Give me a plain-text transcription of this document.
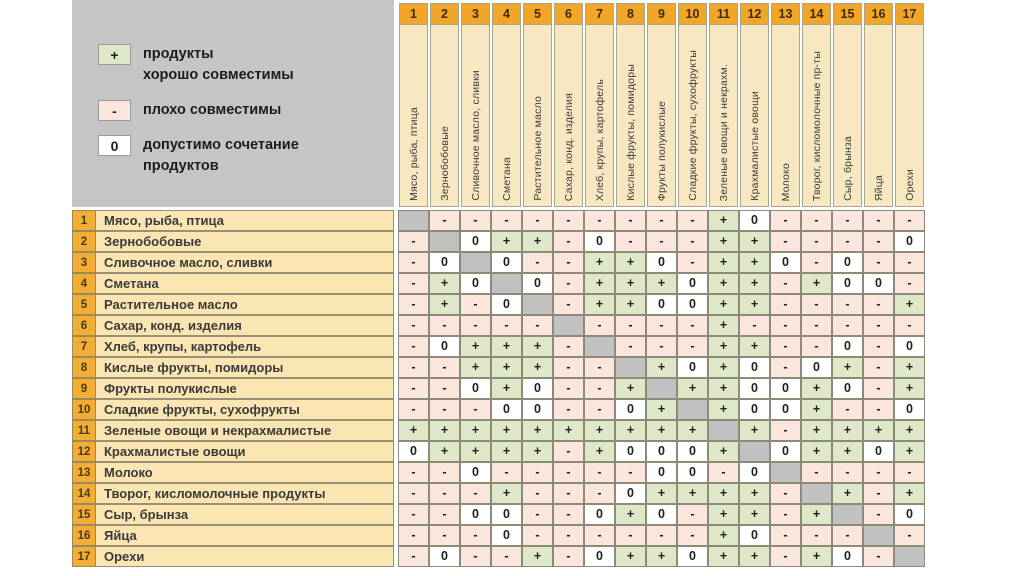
+	продукты
хорошо совместимы
-	плохо совместимы
0	допустимо сочетание
продуктов

1
Мясо, рыба, птица

2
Зернобобовые

3
Сливочное масло, сливки

4
Сметана

5
Растительное масло

6
Сахар, конд. изделия

7
Хлеб, крупы, картофель

8
Кислые фрукты, помидоры

9
Фрукты полукислые

10
Сладкие фрукты, сухофрукты

11
Зеленые овощи и некрахм.

12
Крахмалистые овощи

13
Молоко

14
Творог, кисломолочные пр-ты

15
Сыр, брынза

16
Яйца

17
Орехи

1	Мясо, рыба, птица			-	-	-	-	-	-	-	-	-	+	0	-	-	-	-	-
2	Зернобобовые		-		0	+	+	-	0	-	-	-	+	+	-	-	-	-	0
3	Сливочное масло, сливки		-	0		0	-	-	+	+	0	-	+	+	0	-	0	-	-
4	Сметана		-	+	0		0	-	+	+	+	0	+	+	-	+	0	0	-
5	Растительное масло		-	+	-	0		-	+	+	0	0	+	+	-	-	-	-	+
6	Сахар, конд. изделия		-	-	-	-	-		-	-	-	-	+	-	-	-	-	-	-
7	Хлеб, крупы, картофель		-	0	+	+	+	-		-	-	-	+	+	-	-	0	-	0
8	Кислые фрукты, помидоры		-	-	+	+	+	-	-		+	0	+	0	-	0	+	-	+
9	Фрукты полукислые		-	-	0	+	0	-	-	+		+	+	0	0	+	0	-	+
10	Сладкие фрукты, сухофрукты		-	-	-	0	0	-	-	0	+		+	0	0	+	-	-	0
11	Зеленые овощи и некрахмалистые		+	+	+	+	+	+	+	+	+	+		+	-	+	+	+	+
12	Крахмалистые овощи		0	+	+	+	+	-	+	0	0	0	+		0	+	+	0	+
13	Молоко		-	-	0	-	-	-	-	-	0	0	-	0		-	-	-	-
14	Творог, кисломолочные продукты		-	-	-	+	-	-	-	0	+	+	+	+	-		+	-	+
15	Сыр, брынза		-	-	0	0	-	-	0	+	0	-	+	+	-	+		-	0
16	Яйца		-	-	-	0	-	-	-	-	-	-	+	0	-	-	-		-
17	Орехи		-	0	-	-	+	-	0	+	+	0	+	+	-	+	0	-	
